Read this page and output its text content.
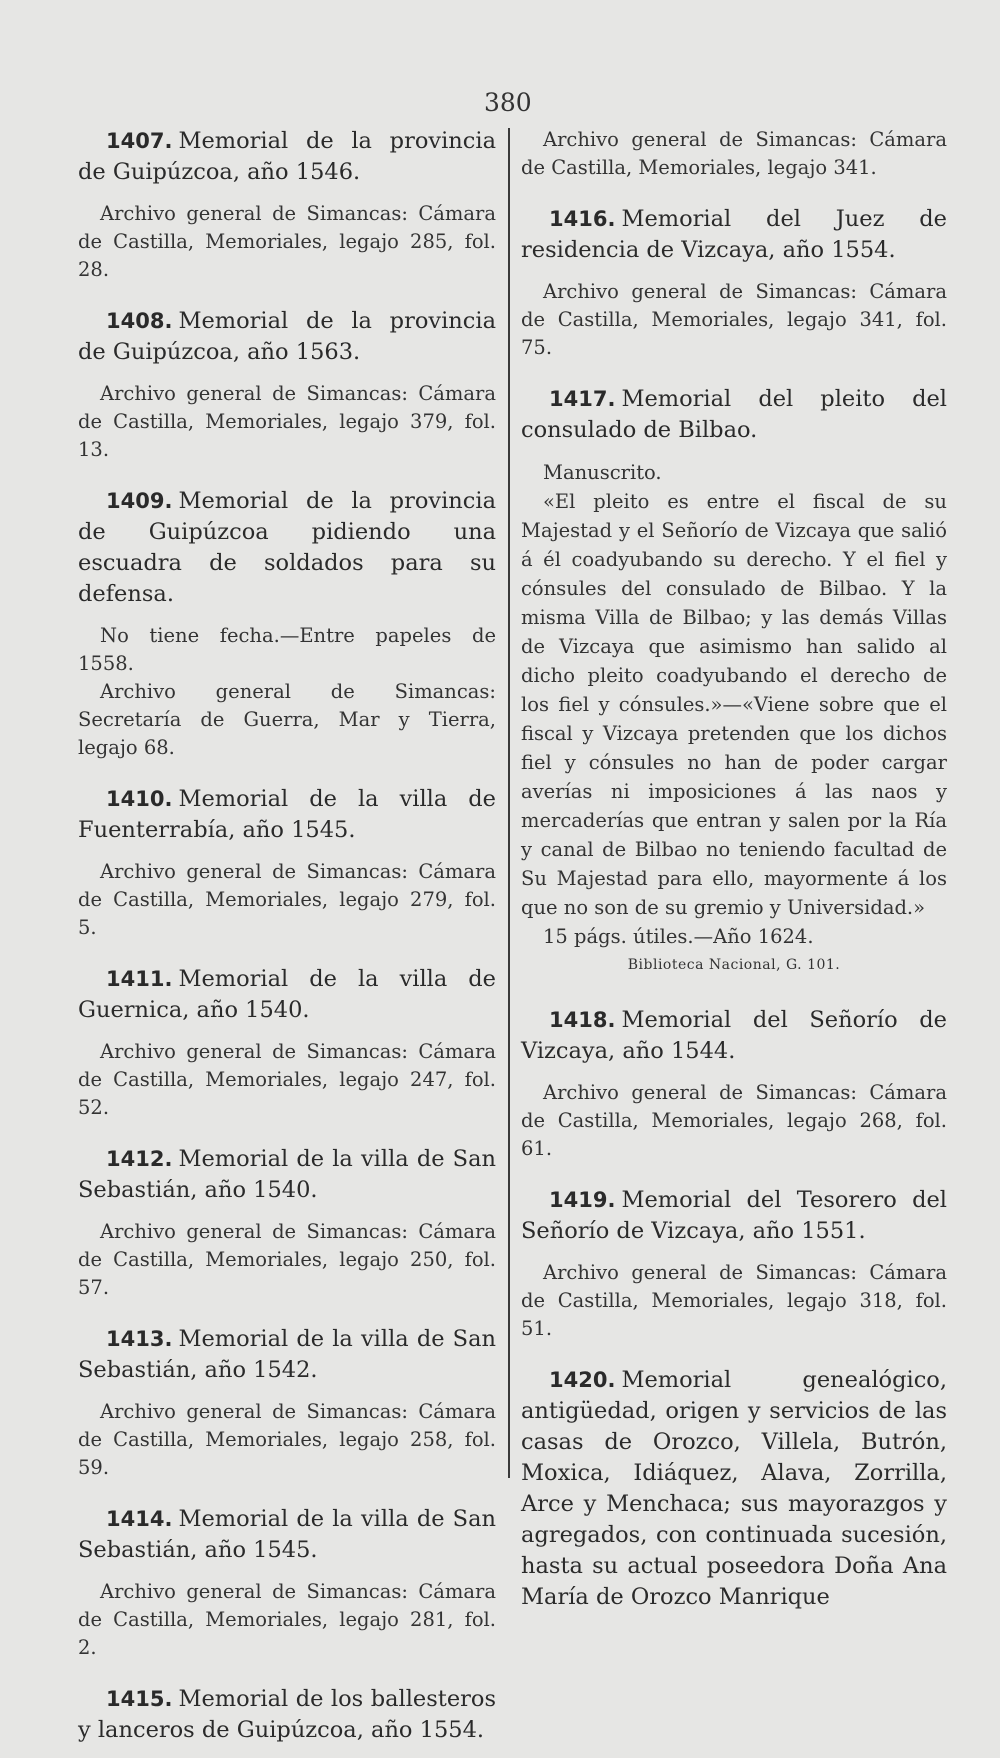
380

1407. Memorial de la provincia de Guipúzcoa, año 1546.

Archivo general de Simancas: Cámara de Castilla, Memoriales, legajo 285, fol. 28.

1408. Memorial de la provincia de Guipúzcoa, año 1563.

Archivo general de Simancas: Cámara de Castilla, Memoriales, legajo 379, fol. 13.

1409. Memorial de la provincia de Guipúzcoa pidiendo una escuadra de soldados para su defensa.

No tiene fecha.—Entre papeles de 1558.
Archivo general de Simancas: Secretaría de Guerra, Mar y Tierra, legajo 68.

1410. Memorial de la villa de Fuenterrabía, año 1545.

Archivo general de Simancas: Cámara de Castilla, Memoriales, legajo 279, fol. 5.

1411. Memorial de la villa de Guernica, año 1540.

Archivo general de Simancas: Cámara de Castilla, Memoriales, legajo 247, fol. 52.

1412. Memorial de la villa de San Sebastián, año 1540.

Archivo general de Simancas: Cámara de Castilla, Memoriales, legajo 250, fol. 57.

1413. Memorial de la villa de San Sebastián, año 1542.

Archivo general de Simancas: Cámara de Castilla, Memoriales, legajo 258, fol. 59.

1414. Memorial de la villa de San Sebastián, año 1545.

Archivo general de Simancas: Cámara de Castilla, Memoriales, legajo 281, fol. 2.

1415. Memorial de los ballesteros y lanceros de Guipúzcoa, año 1554.

Archivo general de Simancas: Cámara de Castilla, Memoriales, legajo 341.

1416. Memorial del Juez de residencia de Vizcaya, año 1554.

Archivo general de Simancas: Cámara de Castilla, Memoriales, legajo 341, fol. 75.

1417. Memorial del pleito del consulado de Bilbao.

Manuscrito.

«El pleito es entre el fiscal de su Majestad y el Señorío de Vizcaya que salió á él coadyubando su derecho. Y el fiel y cónsules del consulado de Bilbao. Y la misma Villa de Bilbao; y las demás Villas de Vizcaya que asimismo han salido al dicho pleito coadyubando el derecho de los fiel y cónsules.»—«Viene sobre que el fiscal y Vizcaya pretenden que los dichos fiel y cónsules no han de poder cargar averías ni imposiciones á las naos y mercaderías que entran y salen por la Ría y canal de Bilbao no teniendo facultad de Su Majestad para ello, mayormente á los que no son de su gremio y Universidad.»

15 págs. útiles.—Año 1624.

Biblioteca Nacional, G. 101.

1418. Memorial del Señorío de Vizcaya, año 1544.

Archivo general de Simancas: Cámara de Castilla, Memoriales, legajo 268, fol. 61.

1419. Memorial del Tesorero del Señorío de Vizcaya, año 1551.

Archivo general de Simancas: Cámara de Castilla, Memoriales, legajo 318, fol. 51.

1420. Memorial genealógico, antigüedad, origen y servicios de las casas de Orozco, Villela, Butrón, Moxica, Idiáquez, Alava, Zorrilla, Arce y Menchaca; sus mayorazgos y agregados, con continuada sucesión, hasta su actual poseedora Doña Ana María de Orozco Manrique
